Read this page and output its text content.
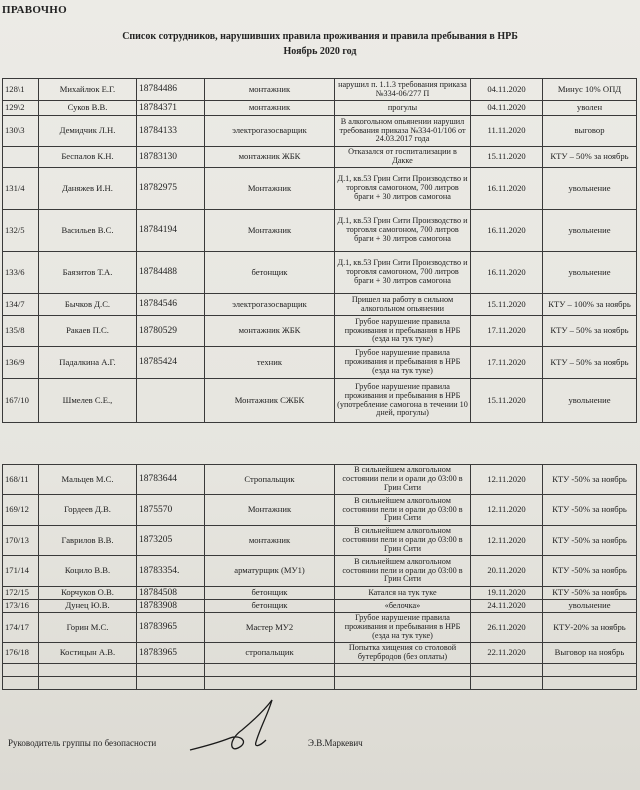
ПРАВОЧНО
Список сотрудников, нарушивших правила проживания и правила пребывания в НРБ
Ноябрь 2020 год
128\1	Михайлюк Е.Г.	18784486	монтажник	нарушил п. 1.1.3 требования приказа №334-06/277 П	04.11.2020	Минус 10% ОПД
129\2	Суков В.В.	18784371	монтажник	прогулы	04.11.2020	уволен
130\3	Демидчик Л.Н.	18784133	электрогазосварщик	В алкогольном опьянении нарушил требования приказа №334-01/106 от 24.03.2017 года	11.11.2020	выговор
	Беспалов К.Н.	18783130	монтажник ЖБК	Отказался от госпитализации в Дакке	15.11.2020	КТУ – 50% за ноябрь
131/4	Даняжев И.Н.	18782975	Монтажник	Д.1, кв.53 Грин Сити Производство и торговля самогоном, 700 литров браги + 30 литров самогона	16.11.2020	увольнение
132/5	Васильев В.С.	18784194	Монтажник	Д.1, кв.53 Грин Сити Производство и торговля самогоном, 700 литров браги + 30 литров самогона	16.11.2020	увольнение
133/6	Баязитов Т.А.	18784488	бетонщик	Д.1, кв.53 Грин Сити Производство и торговля самогоном, 700 литров браги + 30 литров самогона	16.11.2020	увольнение
134/7	Бычков Д.С.	18784546	электрогазосварщик	Пришел на работу в сильном алкогольном опьянении	15.11.2020	КТУ – 100% за ноябрь
135/8	Ракаев П.С.	18780529	монтажник ЖБК	Грубое нарушение правила проживания и пребывания в НРБ (езда на тук туке)	17.11.2020	КТУ – 50% за ноябрь
136/9	Падалкина А.Г.	18785424	техник	Грубое нарушение правила проживания и пребывания в НРБ (езда на тук туке)	17.11.2020	КТУ – 50% за ноябрь
167/10	Шмелев С.Е.,		Монтажник СЖБК	Грубое нарушение правила проживания и пребывания в НРБ (употребление самогона в течении 10 дней, прогулы)	15.11.2020	увольнение
168/11	Мальцев М.С.	18783644	Стропальщик	В сильнейшем алкогольном состоянии пели и орали до 03:00 в Грин Сити	12.11.2020	КТУ -50% за ноябрь
169/12	Гордеев Д.В.	1875570	Монтажник	В сильнейшем алкогольном состоянии пели и орали до 03:00 в Грин Сити	12.11.2020	КТУ -50% за ноябрь
170/13	Гаврилов В.В.	1873205	монтажник	В сильнейшем алкогольном состоянии пели и орали до 03:00 в Грин Сити	12.11.2020	КТУ -50% за ноябрь
171/14	Коцило В.В.	18783354.	арматурщик (МУ1)	В сильнейшем алкогольном состоянии пели и орали до 03:00 в Грин Сити	20.11.2020	КТУ -50% за ноябрь
172/15	Корчуков О.В.	18784508	бетонщик	Катался на тук туке	19.11.2020	КТУ -50% за ноябрь
173/16	Дунец Ю.В.	18783908	бетонщик	«белочка»	24.11.2020	увольнение
174/17	Горин М.С.	18783965	Мастер МУ2	Грубое нарушение правила проживания и пребывания в НРБ (езда на тук туке)	26.11.2020	КТУ-20% за ноябрь
176/18	Костицын А.В.	18783965	стропальщик	Попытка хищения со столовой бутербродов (без оплаты)	22.11.2020	Выговор на ноябрь

Руководитель группы по безопасности	Э.В.Маркевич
